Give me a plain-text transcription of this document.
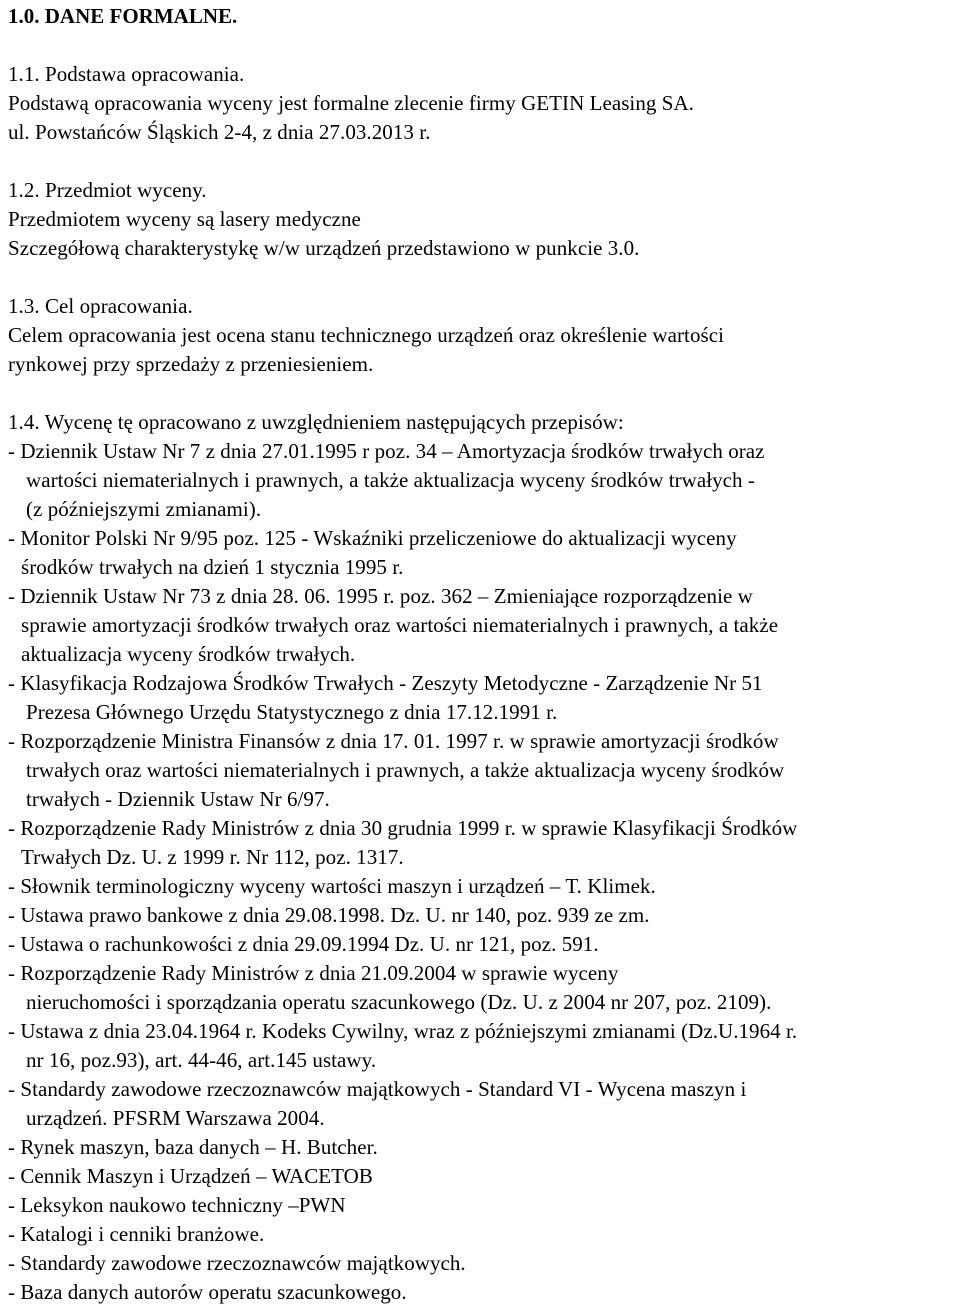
1.0. DANE FORMALNE.
1.1. Podstawa opracowania.
Podstawą opracowania wyceny jest formalne zlecenie firmy GETIN Leasing SA.
ul. Powstańców Śląskich 2-4, z dnia 27.03.2013 r.
1.2. Przedmiot wyceny.
Przedmiotem wyceny są lasery medyczne
Szczegółową charakterystykę w/w urządzeń przedstawiono w punkcie 3.0.
1.3. Cel opracowania.
Celem opracowania jest ocena stanu technicznego urządzeń oraz określenie wartości
rynkowej przy sprzedaży z przeniesieniem.
1.4. Wycenę tę opracowano z uwzględnieniem następujących przepisów:
- Dziennik Ustaw Nr 7 z dnia 27.01.1995 r poz. 34 – Amortyzacja środków trwałych oraz
wartości niematerialnych i prawnych, a także aktualizacja wyceny środków trwałych -
(z późniejszymi zmianami).
- Monitor Polski Nr 9/95 poz. 125 - Wskaźniki przeliczeniowe do aktualizacji wyceny
środków trwałych na dzień 1 stycznia 1995 r.
- Dziennik Ustaw Nr 73 z dnia 28. 06. 1995 r. poz. 362 – Zmieniające rozporządzenie w
sprawie amortyzacji środków trwałych oraz wartości niematerialnych i prawnych, a także
aktualizacja wyceny środków trwałych.
- Klasyfikacja Rodzajowa Środków Trwałych - Zeszyty Metodyczne - Zarządzenie Nr 51
Prezesa Głównego Urzędu Statystycznego z dnia 17.12.1991 r.
- Rozporządzenie Ministra Finansów z dnia 17. 01. 1997 r. w sprawie amortyzacji środków
trwałych oraz wartości niematerialnych i prawnych, a także aktualizacja wyceny środków
trwałych - Dziennik Ustaw Nr 6/97.
- Rozporządzenie Rady Ministrów z dnia 30 grudnia 1999 r. w sprawie Klasyfikacji Środków
Trwałych Dz. U. z 1999 r. Nr 112, poz. 1317.
- Słownik terminologiczny wyceny wartości maszyn i urządzeń – T. Klimek.
- Ustawa prawo bankowe z dnia 29.08.1998. Dz. U. nr 140, poz. 939 ze zm.
- Ustawa o rachunkowości z dnia 29.09.1994 Dz. U. nr 121, poz. 591.
- Rozporządzenie Rady Ministrów z dnia 21.09.2004 w sprawie wyceny
nieruchomości i sporządzania operatu szacunkowego (Dz. U. z 2004 nr 207, poz. 2109).
- Ustawa z dnia 23.04.1964 r. Kodeks Cywilny, wraz z późniejszymi zmianami (Dz.U.1964 r.
nr 16, poz.93), art. 44-46, art.145 ustawy.
- Standardy zawodowe rzeczoznawców majątkowych - Standard VI - Wycena maszyn i
urządzeń. PFSRM Warszawa 2004.
- Rynek maszyn, baza danych – H. Butcher.
- Cennik Maszyn i Urządzeń – WACETOB
- Leksykon naukowo techniczny –PWN
- Katalogi i cenniki branżowe.
- Standardy zawodowe rzeczoznawców majątkowych.
- Baza danych autorów operatu szacunkowego.
